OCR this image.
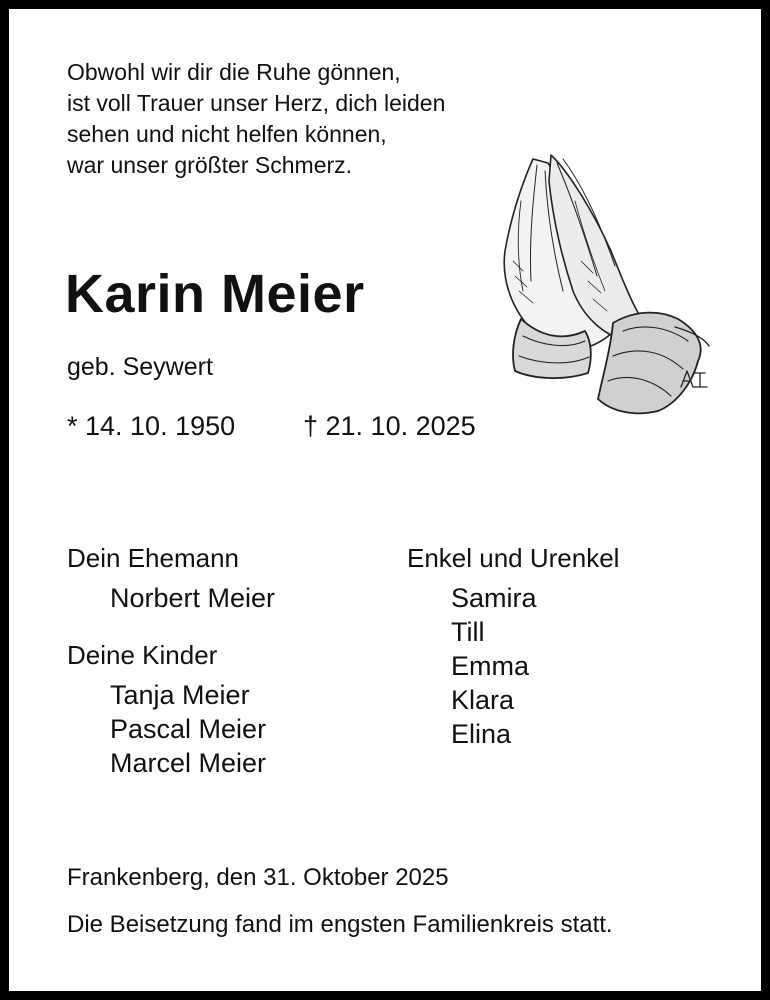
Obwohl wir dir die Ruhe gönnen,
ist voll Trauer unser Herz, dich leiden
sehen und nicht helfen können,
war unser größter Schmerz.
Karin Meier
geb. Seywert
* 14. 10. 1950	† 21. 10. 2025
Dein Ehemann
Norbert Meier
Deine Kinder
Tanja Meier
Pascal Meier
Marcel Meier
Enkel und Urenkel
Samira
Till
Emma
Klara
Elina
Frankenberg, den 31. Oktober 2025
Die Beisetzung fand im engsten Familienkreis statt.
